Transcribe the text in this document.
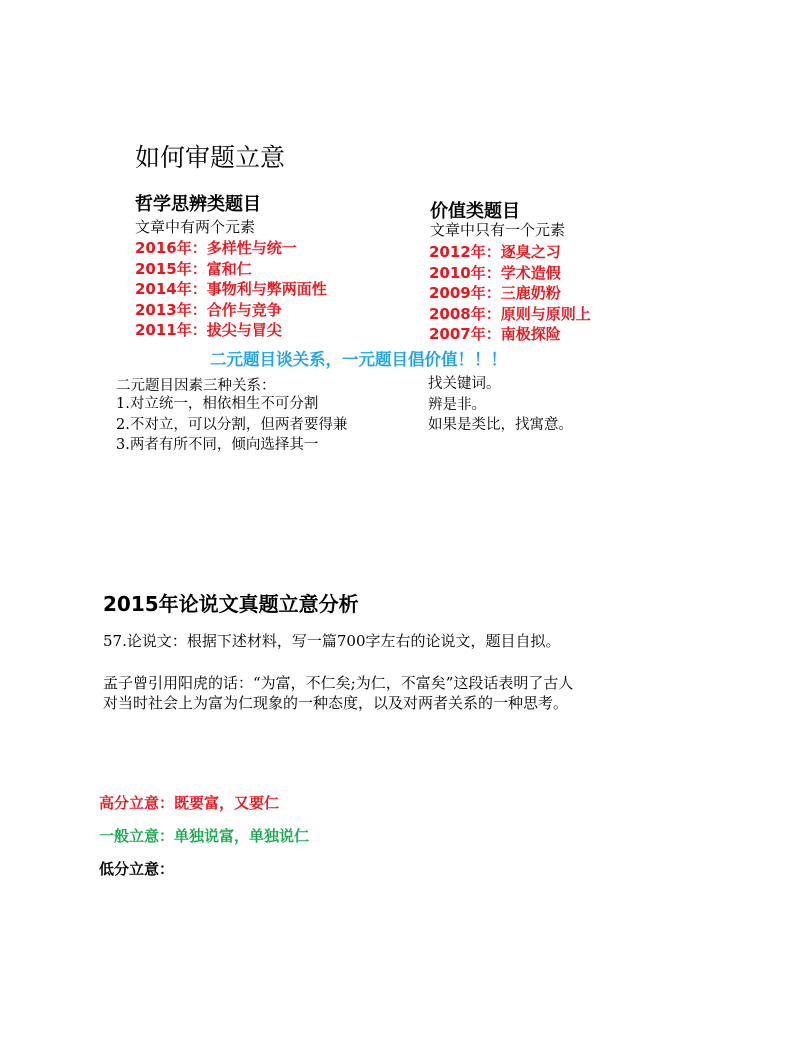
如何审题立意
哲学思辨类题目
文章中有两个元素
2016年：多样性与统一
2015年：富和仁
2014年：事物利与弊两面性
2013年：合作与竞争
2011年：拔尖与冒尖
价值类题目
文章中只有一个元素
2012年：逐臭之习
2010年：学术造假
2009年：三鹿奶粉
2008年：原则与原则上
2007年：南极探险
二元题目谈关系，一元题目倡价值！！！
二元题目因素三种关系：
1.对立统一，相依相生不可分割
2.不对立，可以分割，但两者要得兼
3.两者有所不同，倾向选择其一
找关键词。
辨是非。
如果是类比，找寓意。
2015年论说文真题立意分析
57.论说文：根据下述材料，写一篇700字左右的论说文，题目自拟。
孟子曾引用阳虎的话：“为富，不仁矣;为仁，不富矣”这段话表明了古人
对当时社会上为富为仁现象的一种态度，以及对两者关系的一种思考。
高分立意：既要富，又要仁
一般立意：单独说富，单独说仁
低分立意：
